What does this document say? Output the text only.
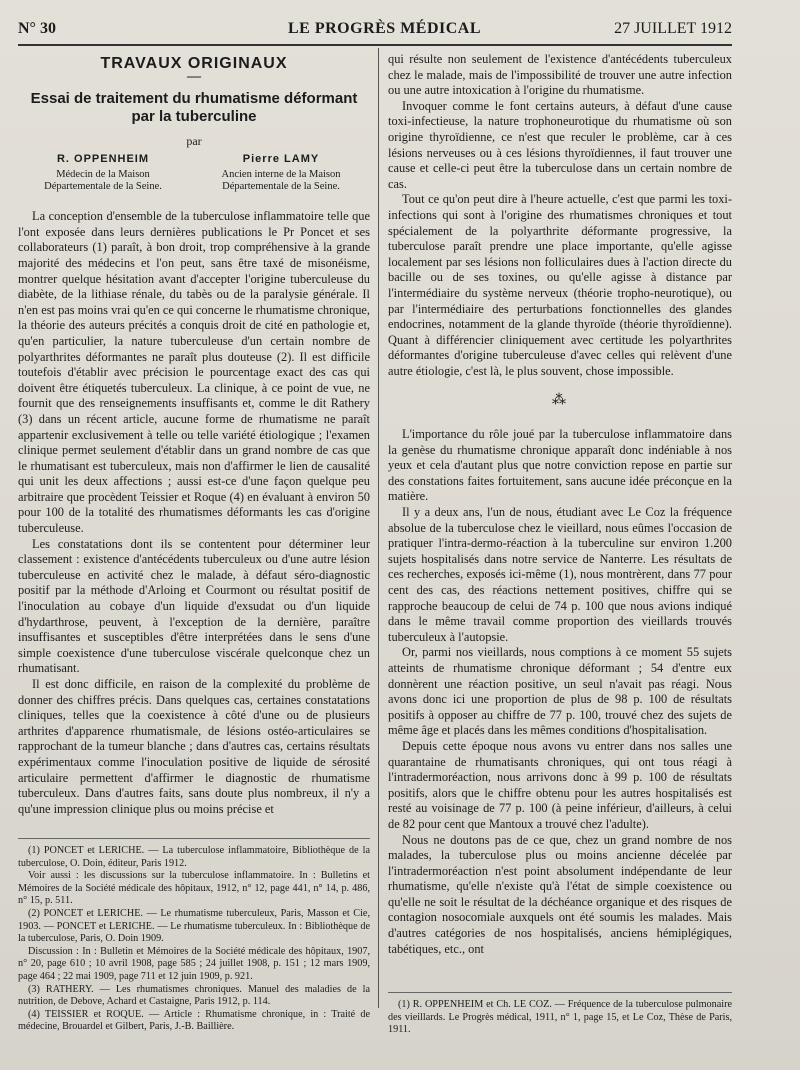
N° 30	LE PROGRÈS MÉDICAL	27 JUILLET 1912
TRAVAUX ORIGINAUX
—
Essai de traitement du rhumatisme déformant par la tuberculine
par
R. OPPENHEIM
Médecin de la Maison
Départementale de la Seine.
Pierre LAMY
Ancien interne de la Maison
Départementale de la Seine.

La conception d'ensemble de la tuberculose inflammatoire telle que l'ont exposée dans leurs dernières publications le Pr Poncet et ses collaborateurs (1) paraît, à bon droit, trop compréhensive à la grande majorité des médecins et l'on peut, sans être taxé de misonéisme, montrer quelque hésitation avant d'accepter l'origine tuberculeuse du diabète, de la lithiase rénale, du tabès ou de la paralysie générale. Il n'en est pas moins vrai qu'en ce qui concerne le rhumatisme chronique, la théorie des auteurs précités a conquis droit de cité en pathologie et, qu'en particulier, la nature tuberculeuse d'un certain nombre de polyarthrites déformantes ne paraît plus douteuse (2). Il est difficile toutefois d'établir avec précision le pourcentage exact des cas qui doivent être étiquetés tuberculeux. La clinique, à ce point de vue, ne fournit que des renseignements insuffisants et, comme le dit Rathery (3) dans un récent article, aucune forme de rhumatisme ne paraît appartenir exclusivement à telle ou telle variété étiologique ; l'examen clinique permet seulement d'établir dans un grand nombre de cas que le rhumatisant est tuberculeux, mais non d'affirmer le lien de causalité qui unit les deux affections ; aussi est-ce d'une façon quelque peu arbitraire que procèdent Teissier et Roque (4) en évaluant à environ 50 pour 100 de la totalité des rhumatismes déformants les cas d'origine tuberculeuse.

Les constatations dont ils se contentent pour déterminer leur classement : existence d'antécédents tuberculeux ou d'une autre lésion tuberculeuse en activité chez le malade, à défaut séro-diagnostic positif par la méthode d'Arloing et Courmont ou résultat positif de l'inoculation au cobaye d'un liquide d'exsudat ou d'un liquide d'hydarthrose, peuvent, à l'exception de la dernière, paraître insuffisantes et susceptibles d'être interprétées dans le sens d'une simple coexistence d'une tuberculose viscérale quelconque chez un rhumatisant.

Il est donc difficile, en raison de la complexité du problème de donner des chiffres précis. Dans quelques cas, certaines constatations cliniques, telles que la coexistence à côté d'une ou de plusieurs arthrites d'apparence rhumatismale, de lésions ostéo-articulaires se rapprochant de la tumeur blanche ; dans d'autres cas, certains résultats expérimentaux comme l'inoculation positive de liquide de sérosité articulaire permettent d'affirmer le diagnostic de rhumatisme tuberculeux. Dans d'autres faits, sans doute plus nombreux, il n'y a qu'une impression clinique plus ou moins précise et

(1) PONCET et LERICHE. — La tuberculose inflammatoire, Bibliothèque de la tuberculose, O. Doin, éditeur, Paris 1912.
Voir aussi : les discussions sur la tuberculose inflammatoire. In : Bulletins et Mémoires de la Société médicale des hôpitaux, 1912, n° 12, page 441, n° 14, p. 486, n° 15, p. 511.
(2) PONCET et LERICHE. — Le rhumatisme tuberculeux, Paris, Masson et Cie, 1903. — PONCET et LERICHE. — Le rhumatisme tuberculeux. In : Bibliothèque de la tuberculose, Paris, O. Doin 1909.
Discussion : In : Bulletin et Mémoires de la Société médicale des hôpitaux, 1907, n° 20, page 610 ; 10 avril 1908, page 585 ; 24 juillet 1908, p. 151 ; 12 mars 1909, page 464 ; 22 mai 1909, page 711 et 12 juin 1909, p. 921.
(3) RATHERY. — Les rhumatismes chroniques. Manuel des maladies de la nutrition, de Debove, Achard et Castaigne, Paris 1912, p. 114.
(4) TEISSIER et ROQUE. — Article : Rhumatisme chronique, in : Traité de médecine, Brouardel et Gilbert, Paris, J.-B. Baillière.

qui résulte non seulement de l'existence d'antécédents tuberculeux chez le malade, mais de l'impossibilité de trouver une autre infection ou une autre intoxication à l'origine du rhumatisme.

Invoquer comme le font certains auteurs, à défaut d'une cause toxi-infectieuse, la nature trophoneurotique du rhumatisme où son origine thyroïdienne, ce n'est que reculer le problème, car à ces lésions nerveuses ou à ces lésions thyroïdiennes, il faut trouver une cause et celle-ci peut être la tuberculose dans un certain nombre de cas.

Tout ce qu'on peut dire à l'heure actuelle, c'est que parmi les toxi-infections qui sont à l'origine des rhumatismes chroniques et tout spécialement de la polyarthrite déformante progressive, la tuberculose paraît prendre une place importante, qu'elle agisse localement par ses lésions non folliculaires dues à l'action directe du bacille ou de ses toxines, ou qu'elle agisse à distance par l'intermédiaire du système nerveux (théorie tropho-neurotique), ou par l'intermédiaire des perturbations fonctionnelles des glandes endocrines, notamment de la glande thyroïde (théorie thyroïdienne). Quant à différencier cliniquement avec certitude les polyarthrites déformantes d'origine tuberculeuse d'avec celles qui relèvent d'une autre étiologie, c'est là, le plus souvent, chose impossible.

⁂

L'importance du rôle joué par la tuberculose inflammatoire dans la genèse du rhumatisme chronique apparaît donc indéniable à nos yeux et cela d'autant plus que notre conviction repose en partie sur des constations faites fortuitement, sans aucune idée préconçue en la matière.

Il y a deux ans, l'un de nous, étudiant avec Le Coz la fréquence absolue de la tuberculose chez le vieillard, nous eûmes l'occasion de pratiquer l'intra-dermo-réaction à la tuberculine sur environ 1.200 sujets hospitalisés dans notre service de Nanterre. Les résultats de ces recherches, exposés ici-même (1), nous montrèrent, dans 77 pour cent des cas, des réactions nettement positives, chiffre qui se rapproche beaucoup de celui de 74 p. 100 que nous avions indiqué dans le même travail comme proportion des vieillards trouvés tuberculeux à l'autopsie.

Or, parmi nos vieillards, nous comptions à ce moment 55 sujets atteints de rhumatisme chronique déformant ; 54 d'entre eux donnèrent une réaction positive, un seul n'avait pas réagi. Nous avons donc ici une proportion de plus de 98 p. 100 de résultats positifs à opposer au chiffre de 77 p. 100, trouvé chez des sujets de même âge et placés dans les mêmes conditions d'hospitalisation.

Depuis cette époque nous avons vu entrer dans nos salles une quarantaine de rhumatisants chroniques, qui ont tous réagi à l'intradermoréaction, nous arrivons donc à 99 p. 100 de résultats positifs, alors que le chiffre obtenu pour les autres hospitalisés est resté au voisinage de 77 p. 100 (à peine inférieur, d'ailleurs, à celui de 82 pour cent que Mantoux a trouvé chez l'adulte).

Nous ne doutons pas de ce que, chez un grand nombre de nos malades, la tuberculose plus ou moins ancienne décelée par l'intradermoréaction n'est point absolument indépendante de leur rhumatisme, qu'elle n'existe qu'à l'état de simple coexistence ou qu'elle ne soit le résultat de la déchéance organique et des risques de contagion nosocomiale auxquels ont été soumis les malades. Mais d'autres catégories de nos hospitalisés, anciens hémiplégiques, tabétiques, etc., ont

(1) R. OPPENHEIM et Ch. LE COZ. — Fréquence de la tuberculose pulmonaire des vieillards. Le Progrès médical, 1911, n° 1, page 15, et Le Coz, Thèse de Paris, 1911.
